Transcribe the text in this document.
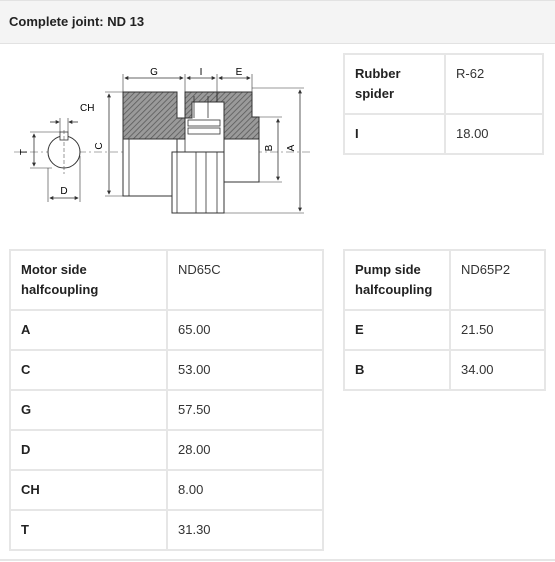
Complete joint: ND 13
A
B
C
G	I	E
CH
T
D
Rubber spider	R-62
I	18.00
Motor side halfcoupling	ND65C
A	65.00
C	53.00
G	57.50
D	28.00
CH	8.00
T	31.30
Pump side halfcoupling	ND65P2
E	21.50
B	34.00
